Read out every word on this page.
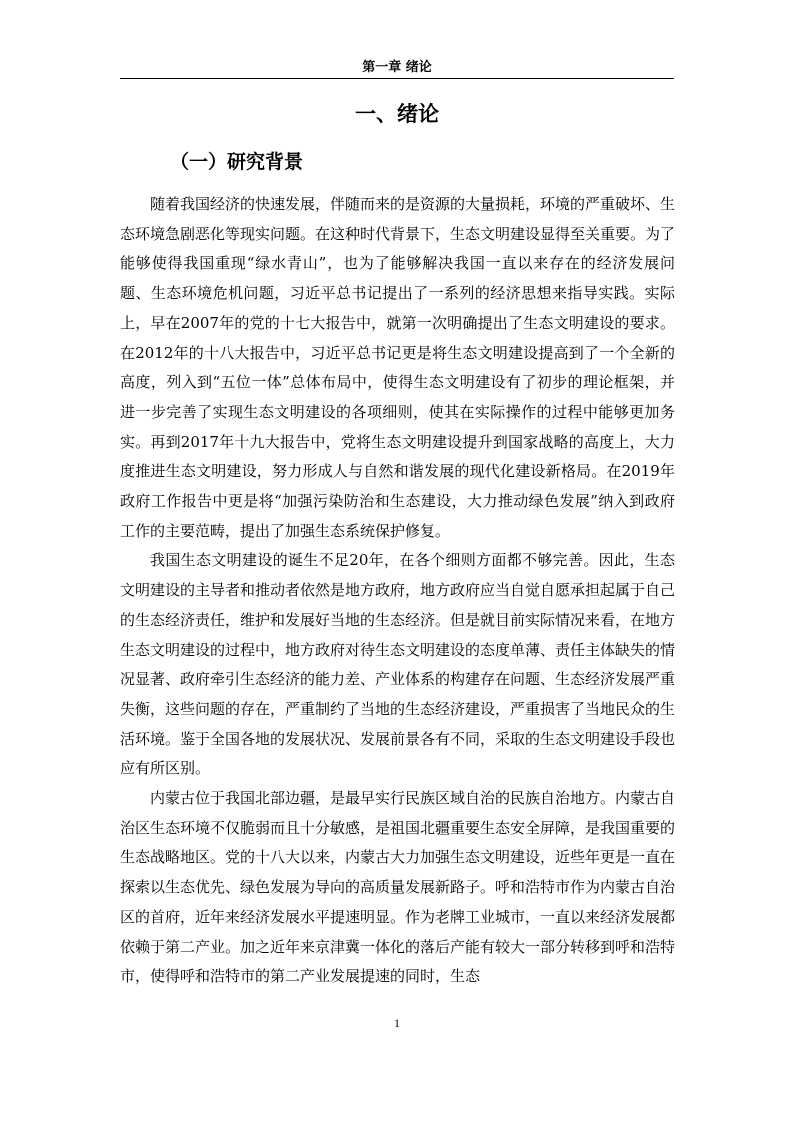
第一章 绪论
一、绪论
（一）研究背景

随着我国经济的快速发展，伴随而来的是资源的大量损耗，环境的严重破坏、生态环境急剧恶化等现实问题。在这种时代背景下，生态文明建设显得至关重要。为了能够使得我国重现“绿水青山”，也为了能够解决我国一直以来存在的经济发展问题、生态环境危机问题，习近平总书记提出了一系列的经济思想来指导实践。实际上，早在2007年的党的十七大报告中，就第一次明确提出了生态文明建设的要求。在2012年的十八大报告中，习近平总书记更是将生态文明建设提高到了一个全新的高度，列入到“五位一体”总体布局中，使得生态文明建设有了初步的理论框架，并进一步完善了实现生态文明建设的各项细则，使其在实际操作的过程中能够更加务实。再到2017年十九大报告中，党将生态文明建设提升到国家战略的高度上，大力度推进生态文明建设，努力形成人与自然和谐发展的现代化建设新格局。在2019年政府工作报告中更是将“加强污染防治和生态建设，大力推动绿色发展”纳入到政府工作的主要范畴，提出了加强生态系统保护修复。

我国生态文明建设的诞生不足20年，在各个细则方面都不够完善。因此，生态文明建设的主导者和推动者依然是地方政府，地方政府应当自觉自愿承担起属于自己的生态经济责任，维护和发展好当地的生态经济。但是就目前实际情况来看，在地方生态文明建设的过程中，地方政府对待生态文明建设的态度单薄、责任主体缺失的情况显著、政府牵引生态经济的能力差、产业体系的构建存在问题、生态经济发展严重失衡，这些问题的存在，严重制约了当地的生态经济建设，严重损害了当地民众的生活环境。鉴于全国各地的发展状况、发展前景各有不同，采取的生态文明建设手段也应有所区别。

内蒙古位于我国北部边疆，是最早实行民族区域自治的民族自治地方。内蒙古自治区生态环境不仅脆弱而且十分敏感，是祖国北疆重要生态安全屏障，是我国重要的生态战略地区。党的十八大以来，内蒙古大力加强生态文明建设，近些年更是一直在探索以生态优先、绿色发展为导向的高质量发展新路子。呼和浩特市作为内蒙古自治区的首府，近年来经济发展水平提速明显。作为老牌工业城市，一直以来经济发展都依赖于第二产业。加之近年来京津冀一体化的落后产能有较大一部分转移到呼和浩特市，使得呼和浩特市的第二产业发展提速的同时，生态

1
